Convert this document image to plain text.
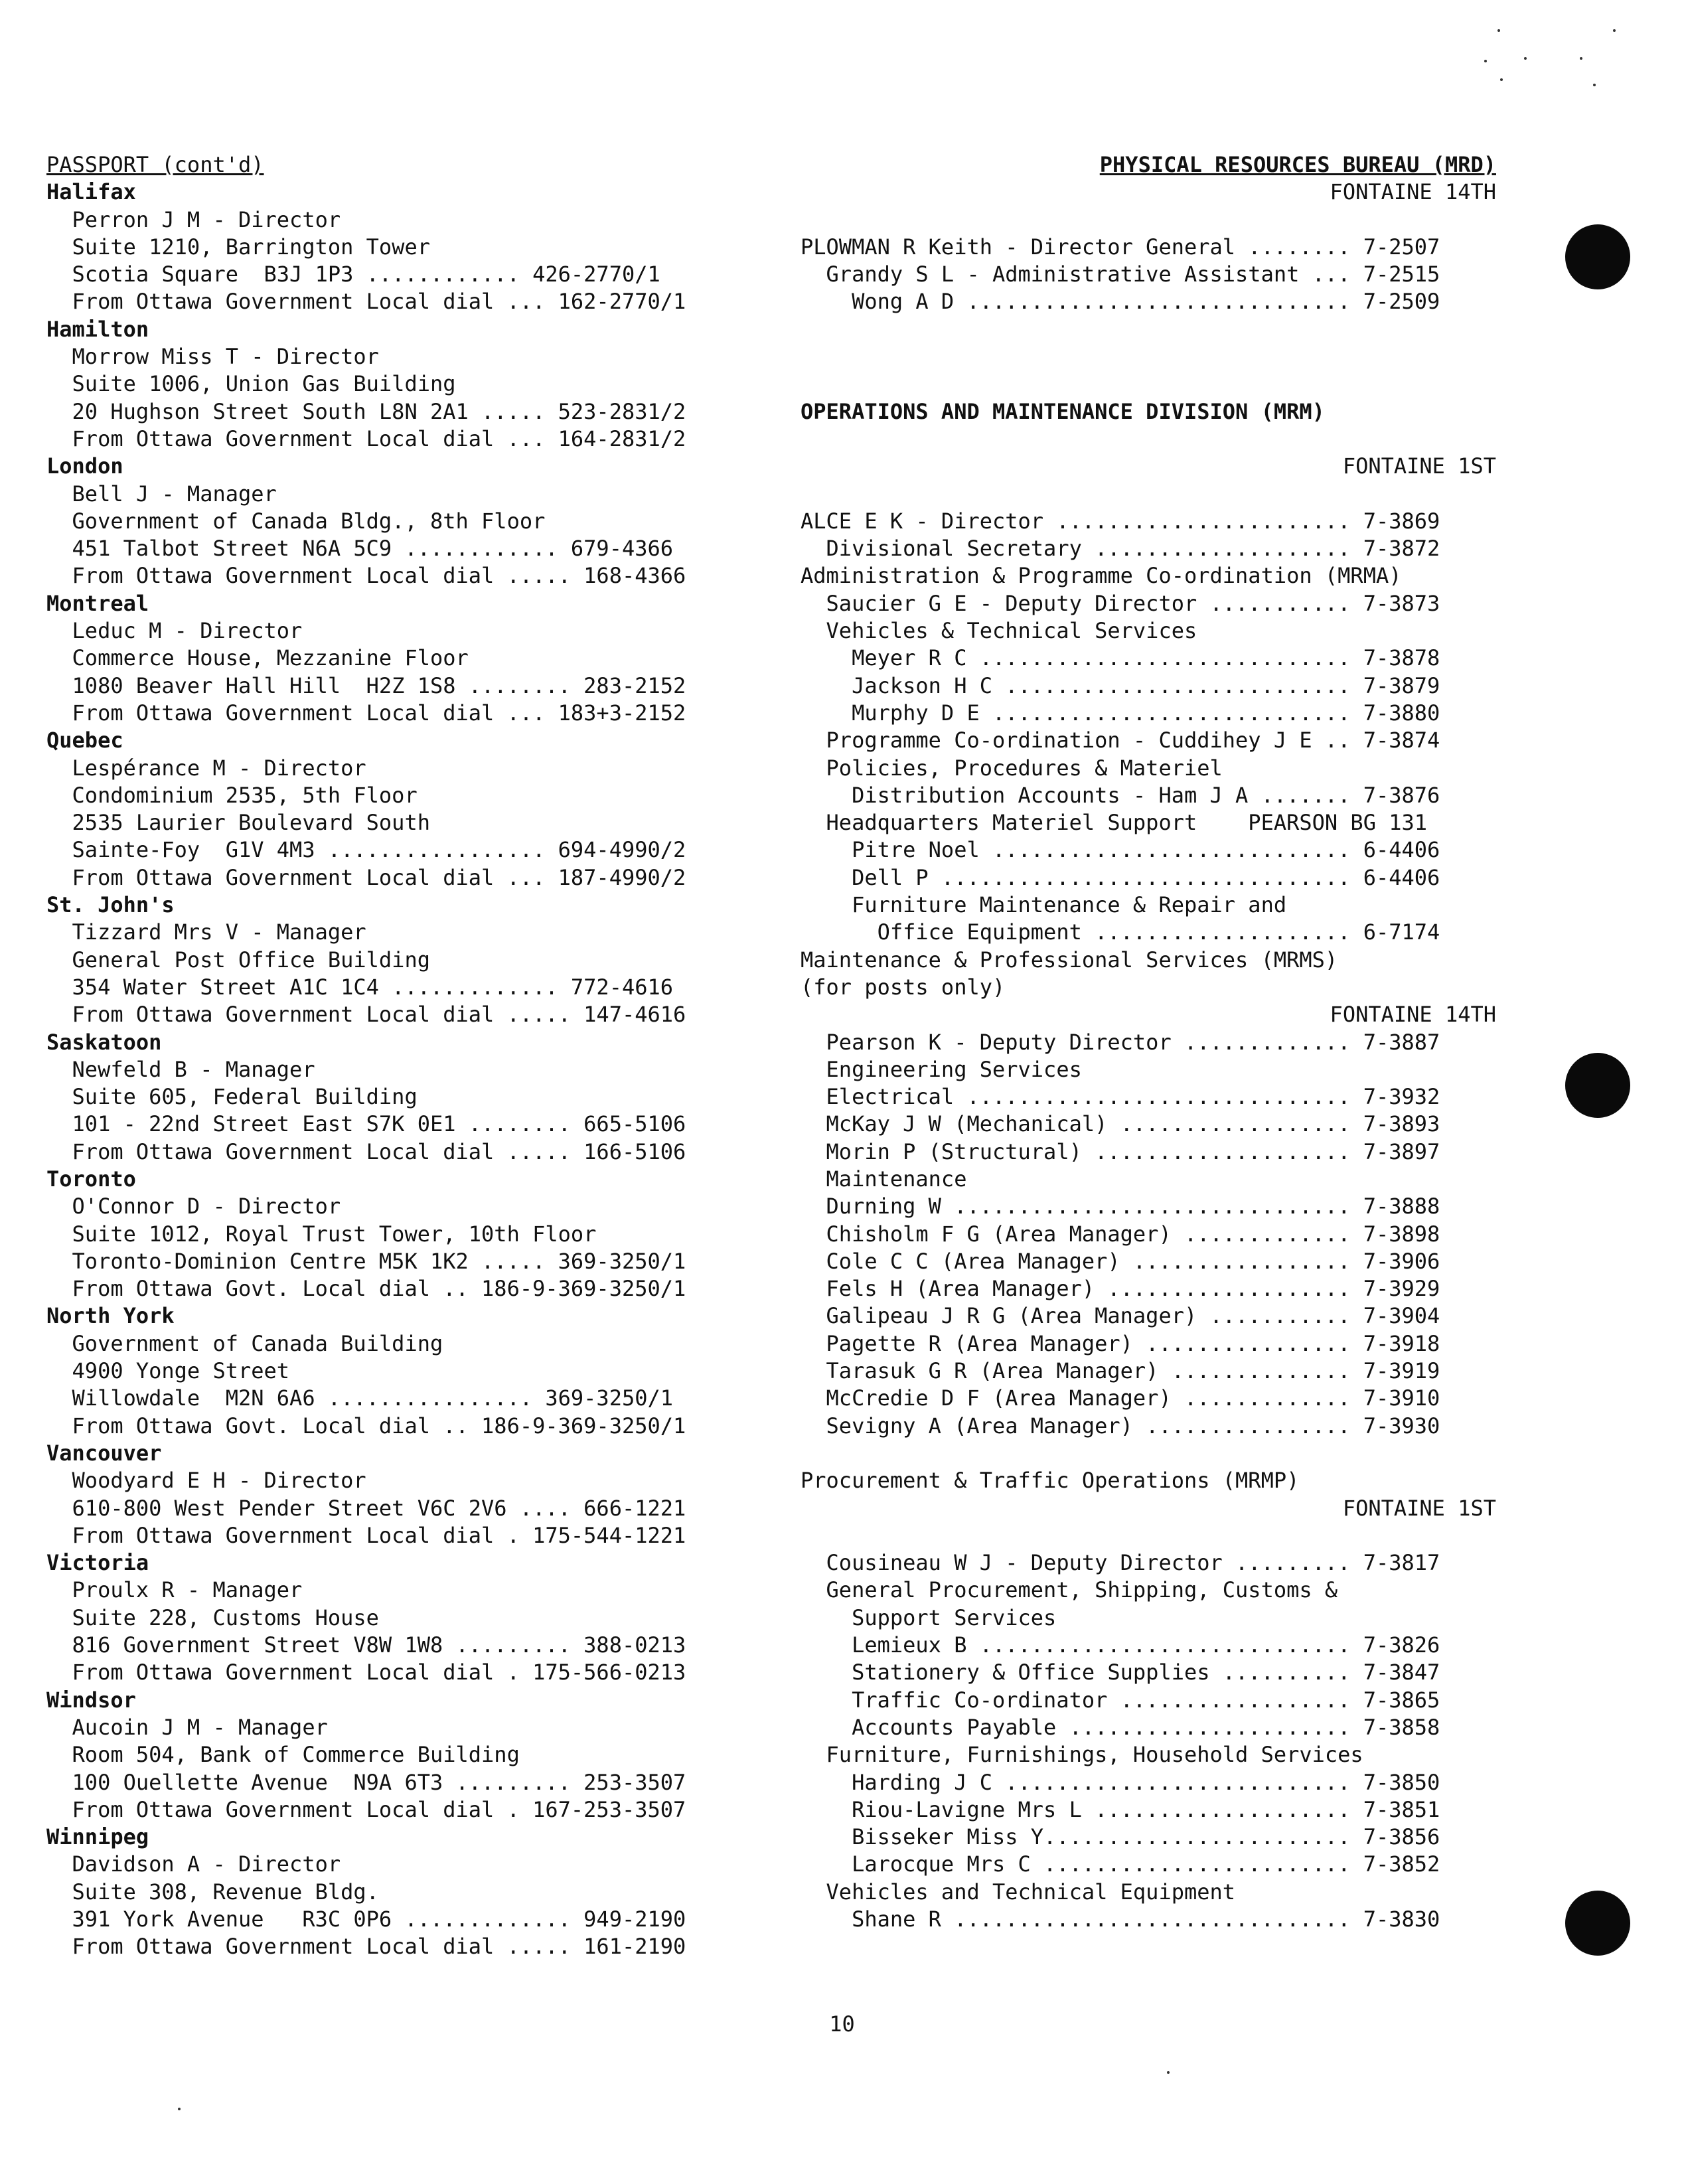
PASSPORT (cont'd)
Halifax
Perron J M - Director
Suite 1210, Barrington Tower
Scotia Square  B3J 1P3 ............ 426-2770/1
From Ottawa Government Local dial ... 162-2770/1
Hamilton
Morrow Miss T - Director
Suite 1006, Union Gas Building
20 Hughson Street South L8N 2A1 ..... 523-2831/2
From Ottawa Government Local dial ... 164-2831/2
London
Bell J - Manager
Government of Canada Bldg., 8th Floor
451 Talbot Street N6A 5C9 ............ 679-4366
From Ottawa Government Local dial ..... 168-4366
Montreal
Leduc M - Director
Commerce House, Mezzanine Floor
1080 Beaver Hall Hill  H2Z 1S8 ........ 283-2152
From Ottawa Government Local dial ... 183+3-2152
Quebec
Lespérance M - Director
Condominium 2535, 5th Floor
2535 Laurier Boulevard South
Sainte-Foy  G1V 4M3 ................. 694-4990/2
From Ottawa Government Local dial ... 187-4990/2
St. John's
Tizzard Mrs V - Manager
General Post Office Building
354 Water Street A1C 1C4 ............. 772-4616
From Ottawa Government Local dial ..... 147-4616
Saskatoon
Newfeld B - Manager
Suite 605, Federal Building
101 - 22nd Street East S7K 0E1 ........ 665-5106
From Ottawa Government Local dial ..... 166-5106
Toronto
O'Connor D - Director
Suite 1012, Royal Trust Tower, 10th Floor
Toronto-Dominion Centre M5K 1K2 ..... 369-3250/1
From Ottawa Govt. Local dial .. 186-9-369-3250/1
North York
Government of Canada Building
4900 Yonge Street
Willowdale  M2N 6A6 ................ 369-3250/1
From Ottawa Govt. Local dial .. 186-9-369-3250/1
Vancouver
Woodyard E H - Director
610-800 West Pender Street V6C 2V6 .... 666-1221
From Ottawa Government Local dial . 175-544-1221
Victoria
Proulx R - Manager
Suite 228, Customs House
816 Government Street V8W 1W8 ......... 388-0213
From Ottawa Government Local dial . 175-566-0213
Windsor
Aucoin J M - Manager
Room 504, Bank of Commerce Building
100 Ouellette Avenue  N9A 6T3 ......... 253-3507
From Ottawa Government Local dial . 167-253-3507
Winnipeg
Davidson A - Director
Suite 308, Revenue Bldg.
391 York Avenue   R3C 0P6 ............. 949-2190
From Ottawa Government Local dial ..... 161-2190
PHYSICAL RESOURCES BUREAU (MRD)
FONTAINE 14TH
PLOWMAN R Keith - Director General ........ 7-2507
Grandy S L - Administrative Assistant ... 7-2515
Wong A D .............................. 7-2509
OPERATIONS AND MAINTENANCE DIVISION (MRM)
FONTAINE 1ST
ALCE E K - Director ....................... 7-3869
Divisional Secretary .................... 7-3872
Administration & Programme Co-ordination (MRMA)
Saucier G E - Deputy Director ........... 7-3873
Vehicles & Technical Services
Meyer R C ............................. 7-3878
Jackson H C ........................... 7-3879
Murphy D E ............................ 7-3880
Programme Co-ordination - Cuddihey J E .. 7-3874
Policies, Procedures & Materiel
Distribution Accounts - Ham J A ....... 7-3876
Headquarters Materiel Support    PEARSON BG 131
Pitre Noel ............................ 6-4406
Dell P ................................ 6-4406
Furniture Maintenance & Repair and
Office Equipment .................... 6-7174
Maintenance & Professional Services (MRMS)
(for posts only)
FONTAINE 14TH
Pearson K - Deputy Director ............. 7-3887
Engineering Services
Electrical .............................. 7-3932
McKay J W (Mechanical) .................. 7-3893
Morin P (Structural) .................... 7-3897
Maintenance
Durning W ............................... 7-3888
Chisholm F G (Area Manager) ............. 7-3898
Cole C C (Area Manager) ................. 7-3906
Fels H (Area Manager) ................... 7-3929
Galipeau J R G (Area Manager) ........... 7-3904
Pagette R (Area Manager) ................ 7-3918
Tarasuk G R (Area Manager) .............. 7-3919
McCredie D F (Area Manager) ............. 7-3910
Sevigny A (Area Manager) ................ 7-3930
Procurement & Traffic Operations (MRMP)
FONTAINE 1ST
Cousineau W J - Deputy Director ......... 7-3817
General Procurement, Shipping, Customs &
Support Services
Lemieux B ............................. 7-3826
Stationery & Office Supplies .......... 7-3847
Traffic Co-ordinator .................. 7-3865
Accounts Payable ...................... 7-3858
Furniture, Furnishings, Household Services
Harding J C ........................... 7-3850
Riou-Lavigne Mrs L .................... 7-3851
Bisseker Miss Y........................ 7-3856
Larocque Mrs C ........................ 7-3852
Vehicles and Technical Equipment
Shane R ............................... 7-3830
10
